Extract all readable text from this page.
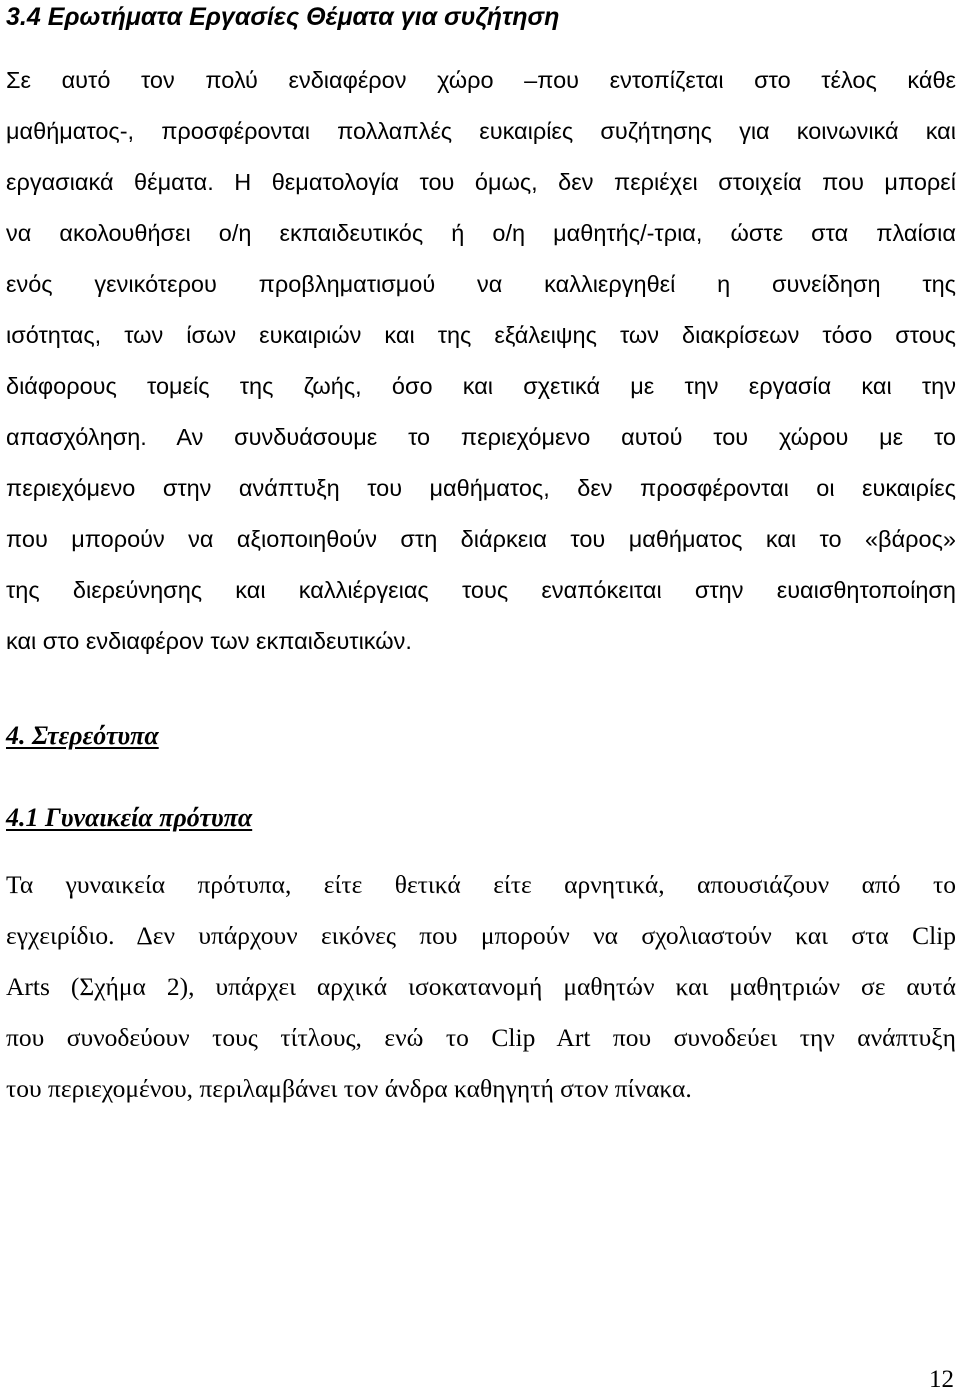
3.4 Ερωτήματα Εργασίες Θέματα για συζήτηση

Σε αυτό τον πολύ ενδιαφέρον χώρο –που εντοπίζεται στο τέλος κάθε
μαθήματος-, προσφέρονται πολλαπλές ευκαιρίες συζήτησης για κοινωνικά και
εργασιακά θέματα. Η θεματολογία του όμως, δεν περιέχει στοιχεία που μπορεί
να ακολουθήσει ο/η εκπαιδευτικός ή ο/η μαθητής/-τρια, ώστε στα πλαίσια
ενός γενικότερου προβληματισμού να καλλιεργηθεί η συνείδηση της
ισότητας, των ίσων ευκαιριών και της εξάλειψης των διακρίσεων τόσο στους
διάφορους τομείς της ζωής, όσο και σχετικά με την εργασία και την
απασχόληση. Αν συνδυάσουμε το περιεχόμενο αυτού του χώρου με το
περιεχόμενο στην ανάπτυξη του μαθήματος, δεν προσφέρονται οι ευκαιρίες
που μπορούν να αξιοποιηθούν στη διάρκεια του μαθήματος και το «βάρος»
της διερεύνησης και καλλιέργειας τους εναπόκειται στην ευαισθητοποίηση
και στο ενδιαφέρον των εκπαιδευτικών.

4. Στερεότυπα
4.1 Γυναικεία πρότυπα

Τα γυναικεία πρότυπα, είτε θετικά είτε αρνητικά, απουσιάζουν από το
εγχειρίδιο. Δεν υπάρχουν εικόνες που μπορούν να σχολιαστούν και στα Clip
Arts (Σχήμα 2), υπάρχει αρχικά ισοκατανομή μαθητών και μαθητριών σε αυτά
που συνοδεύουν τους τίτλους, ενώ το Clip Art που συνοδεύει την ανάπτυξη
του περιεχομένου, περιλαμβάνει τον άνδρα καθηγητή στον πίνακα.

12
